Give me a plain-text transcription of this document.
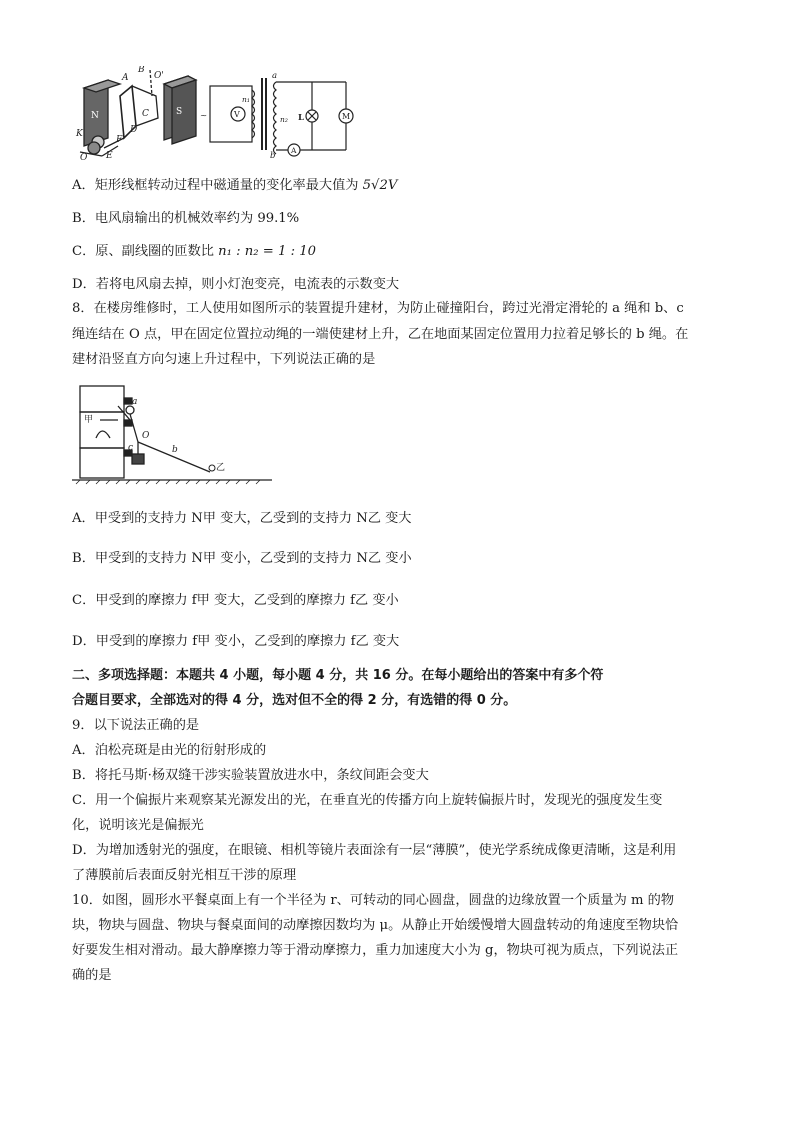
B
O'
A
N	S
C
K	D
F
O E
a
V
n₁
n₂ L	M
A
b
~
A．矩形线框转动过程中磁通量的变化率最大值为 5√2V
B．电风扇输出的机械效率约为 99.1%
C．原、副线圈的匝数比 n₁ : n₂ = 1 : 10
D．若将电风扇去掉，则小灯泡变亮，电流表的示数变大
8．在楼房维修时，工人使用如图所示的装置提升建材，为防止碰撞阳台，跨过光滑定滑轮的 a 绳和 b、c
绳连结在 O 点，甲在固定位置拉动绳的一端使建材上升，乙在地面某固定位置用力拉着足够长的 b 绳。在
建材沿竖直方向匀速上升过程中，下列说法正确的是
甲
a
O
c	b
乙
A．甲受到的支持力 N甲 变大，乙受到的支持力 N乙 变大
B．甲受到的支持力 N甲 变小，乙受到的支持力 N乙 变小
C．甲受到的摩擦力 f甲 变大，乙受到的摩擦力 f乙 变小
D．甲受到的摩擦力 f甲 变小，乙受到的摩擦力 f乙 变大
二、多项选择题：本题共 4 小题，每小题 4 分，共 16 分。在每小题给出的答案中有多个符
合题目要求，全部选对的得 4 分，选对但不全的得 2 分，有选错的得 0 分。
9．以下说法正确的是
A．泊松亮斑是由光的衍射形成的
B．将托马斯·杨双缝干涉实验装置放进水中，条纹间距会变大
C．用一个偏振片来观察某光源发出的光，在垂直光的传播方向上旋转偏振片时，发现光的强度发生变
化，说明该光是偏振光
D．为增加透射光的强度，在眼镜、相机等镜片表面涂有一层“薄膜”，使光学系统成像更清晰，这是利用
了薄膜前后表面反射光相互干涉的原理
10．如图，圆形水平餐桌面上有一个半径为 r、可转动的同心圆盘，圆盘的边缘放置一个质量为 m 的物
块，物块与圆盘、物块与餐桌面间的动摩擦因数均为 μ。从静止开始缓慢增大圆盘转动的角速度至物块恰
好要发生相对滑动。最大静摩擦力等于滑动摩擦力，重力加速度大小为 g，物块可视为质点，下列说法正
确的是
